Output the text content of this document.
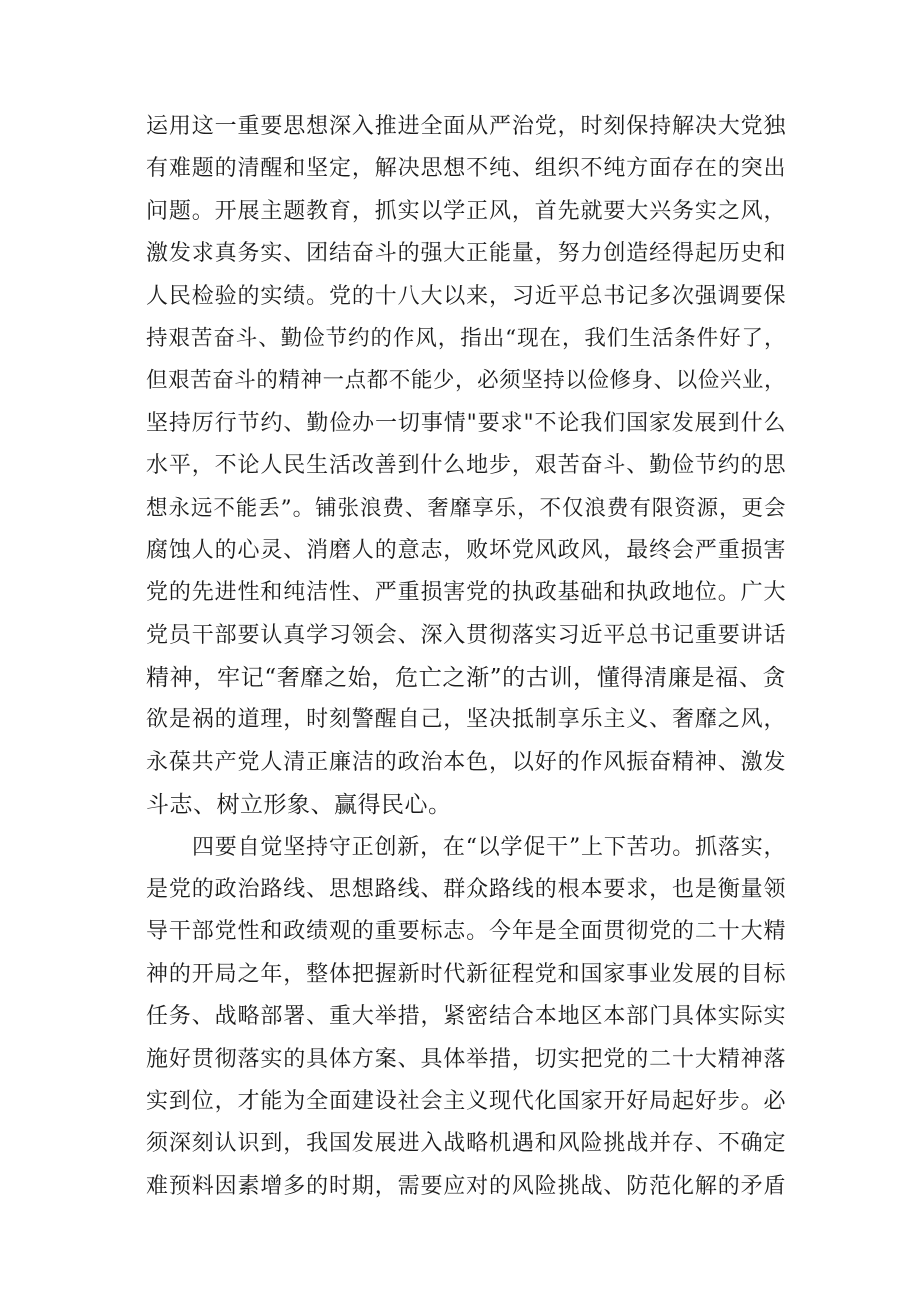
运用这一重要思想深入推进全面从严治党，时刻保持解决大党独
有难题的清醒和坚定，解决思想不纯、组织不纯方面存在的突出
问题。开展主题教育，抓实以学正风，首先就要大兴务实之风，
激发求真务实、团结奋斗的强大正能量，努力创造经得起历史和
人民检验的实绩。党的十八大以来，习近平总书记多次强调要保
持艰苦奋斗、勤俭节约的作风，指出“现在，我们生活条件好了，
但艰苦奋斗的精神一点都不能少，必须坚持以俭修身、以俭兴业，
坚持厉行节约、勤俭办一切事情"要求"不论我们国家发展到什么
水平，不论人民生活改善到什么地步，艰苦奋斗、勤俭节约的思
想永远不能丢”。铺张浪费、奢靡享乐，不仅浪费有限资源，更会
腐蚀人的心灵、消磨人的意志，败坏党风政风，最终会严重损害
党的先进性和纯洁性、严重损害党的执政基础和执政地位。广大
党员干部要认真学习领会、深入贯彻落实习近平总书记重要讲话
精神，牢记“奢靡之始，危亡之渐”的古训，懂得清廉是福、贪
欲是祸的道理，时刻警醒自己，坚决抵制享乐主义、奢靡之风，
永葆共产党人清正廉洁的政治本色，以好的作风振奋精神、激发
斗志、树立形象、赢得民心。
四要自觉坚持守正创新，在“以学促干”上下苦功。抓落实，
是党的政治路线、思想路线、群众路线的根本要求，也是衡量领
导干部党性和政绩观的重要标志。今年是全面贯彻党的二十大精
神的开局之年，整体把握新时代新征程党和国家事业发展的目标
任务、战略部署、重大举措，紧密结合本地区本部门具体实际实
施好贯彻落实的具体方案、具体举措，切实把党的二十大精神落
实到位，才能为全面建设社会主义现代化国家开好局起好步。必
须深刻认识到，我国发展进入战略机遇和风险挑战并存、不确定
难预料因素增多的时期，需要应对的风险挑战、防范化解的矛盾
